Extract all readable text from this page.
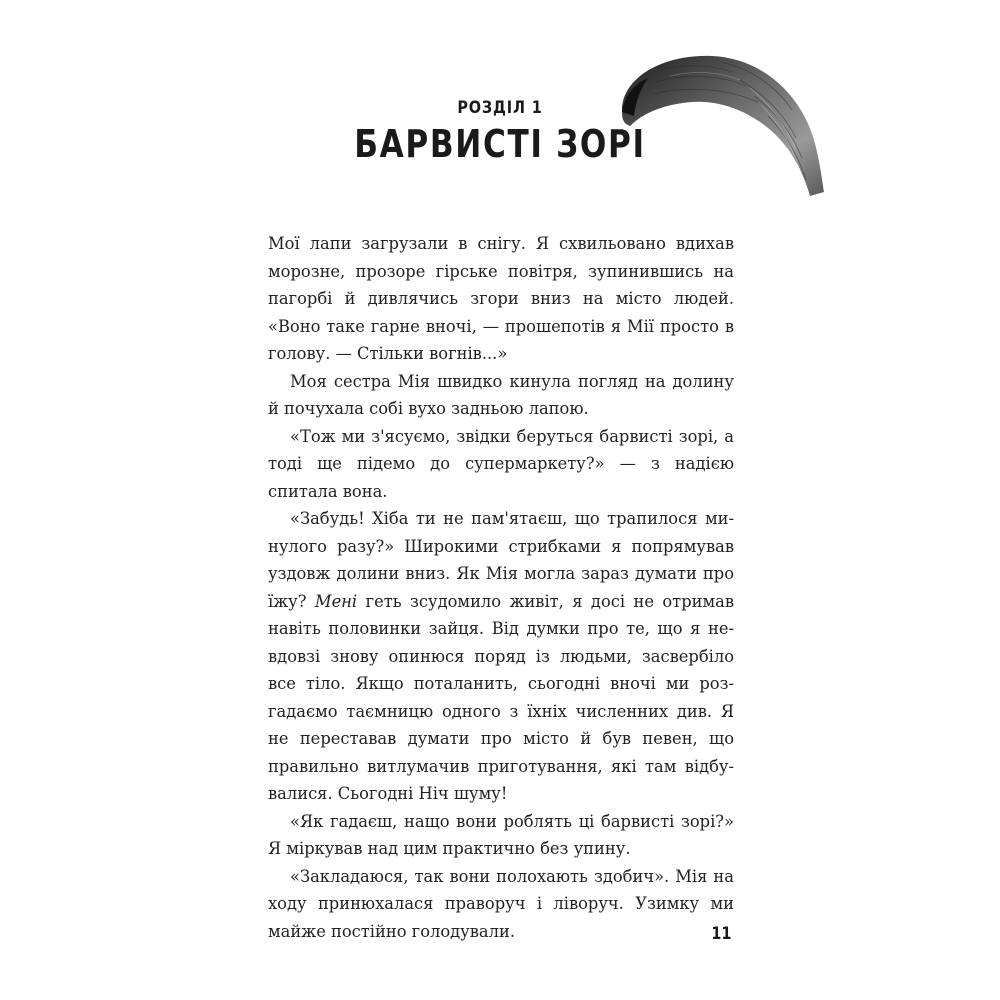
РОЗДІЛ 1
БАРВИСТІ ЗОРІ

Мої лапи загрузали в снігу. Я схвильовано вдихав морозне, прозоре гірське повітря, зупинившись на пагорбі й дивлячись згори вниз на місто людей. «Воно таке гарне вночі, — прошепотів я Мії просто в голову. — Стільки вогнів...»

Моя сестра Мія швидко кинула погляд на долину й почухала собі вухо задньою лапою.

«Тож ми з'ясуємо, звідки беруться барвисті зорі, а тоді ще підемо до супермаркету?» — з надією спитала вона.

«Забудь! Хіба ти не пам'ятаєш, що трапилося минулого разу?» Широкими стрибками я попрямував уздовж долини вниз. Як Мія могла зараз думати про їжу? Мені геть зсудомило живіт, я досі не отримав навіть половинки зайця. Від думки про те, що я невдовзі знову опинюся поряд із людьми, засвербіло все тіло. Якщо поталанить, сьогодні вночі ми розгадаємо таємницю одного з їхніх численних див. Я не переставав думати про місто й був певен, що правильно витлумачив приготування, які там відбувалися. Сьогодні Ніч шуму!

«Як гадаєш, нащо вони роблять ці барвисті зорі?» Я міркував над цим практично без упину.

«Закладаюся, так вони полохають здобич». Мія на ходу принюхалася праворуч і ліворуч. Узимку ми майже постійно голодували.	11
